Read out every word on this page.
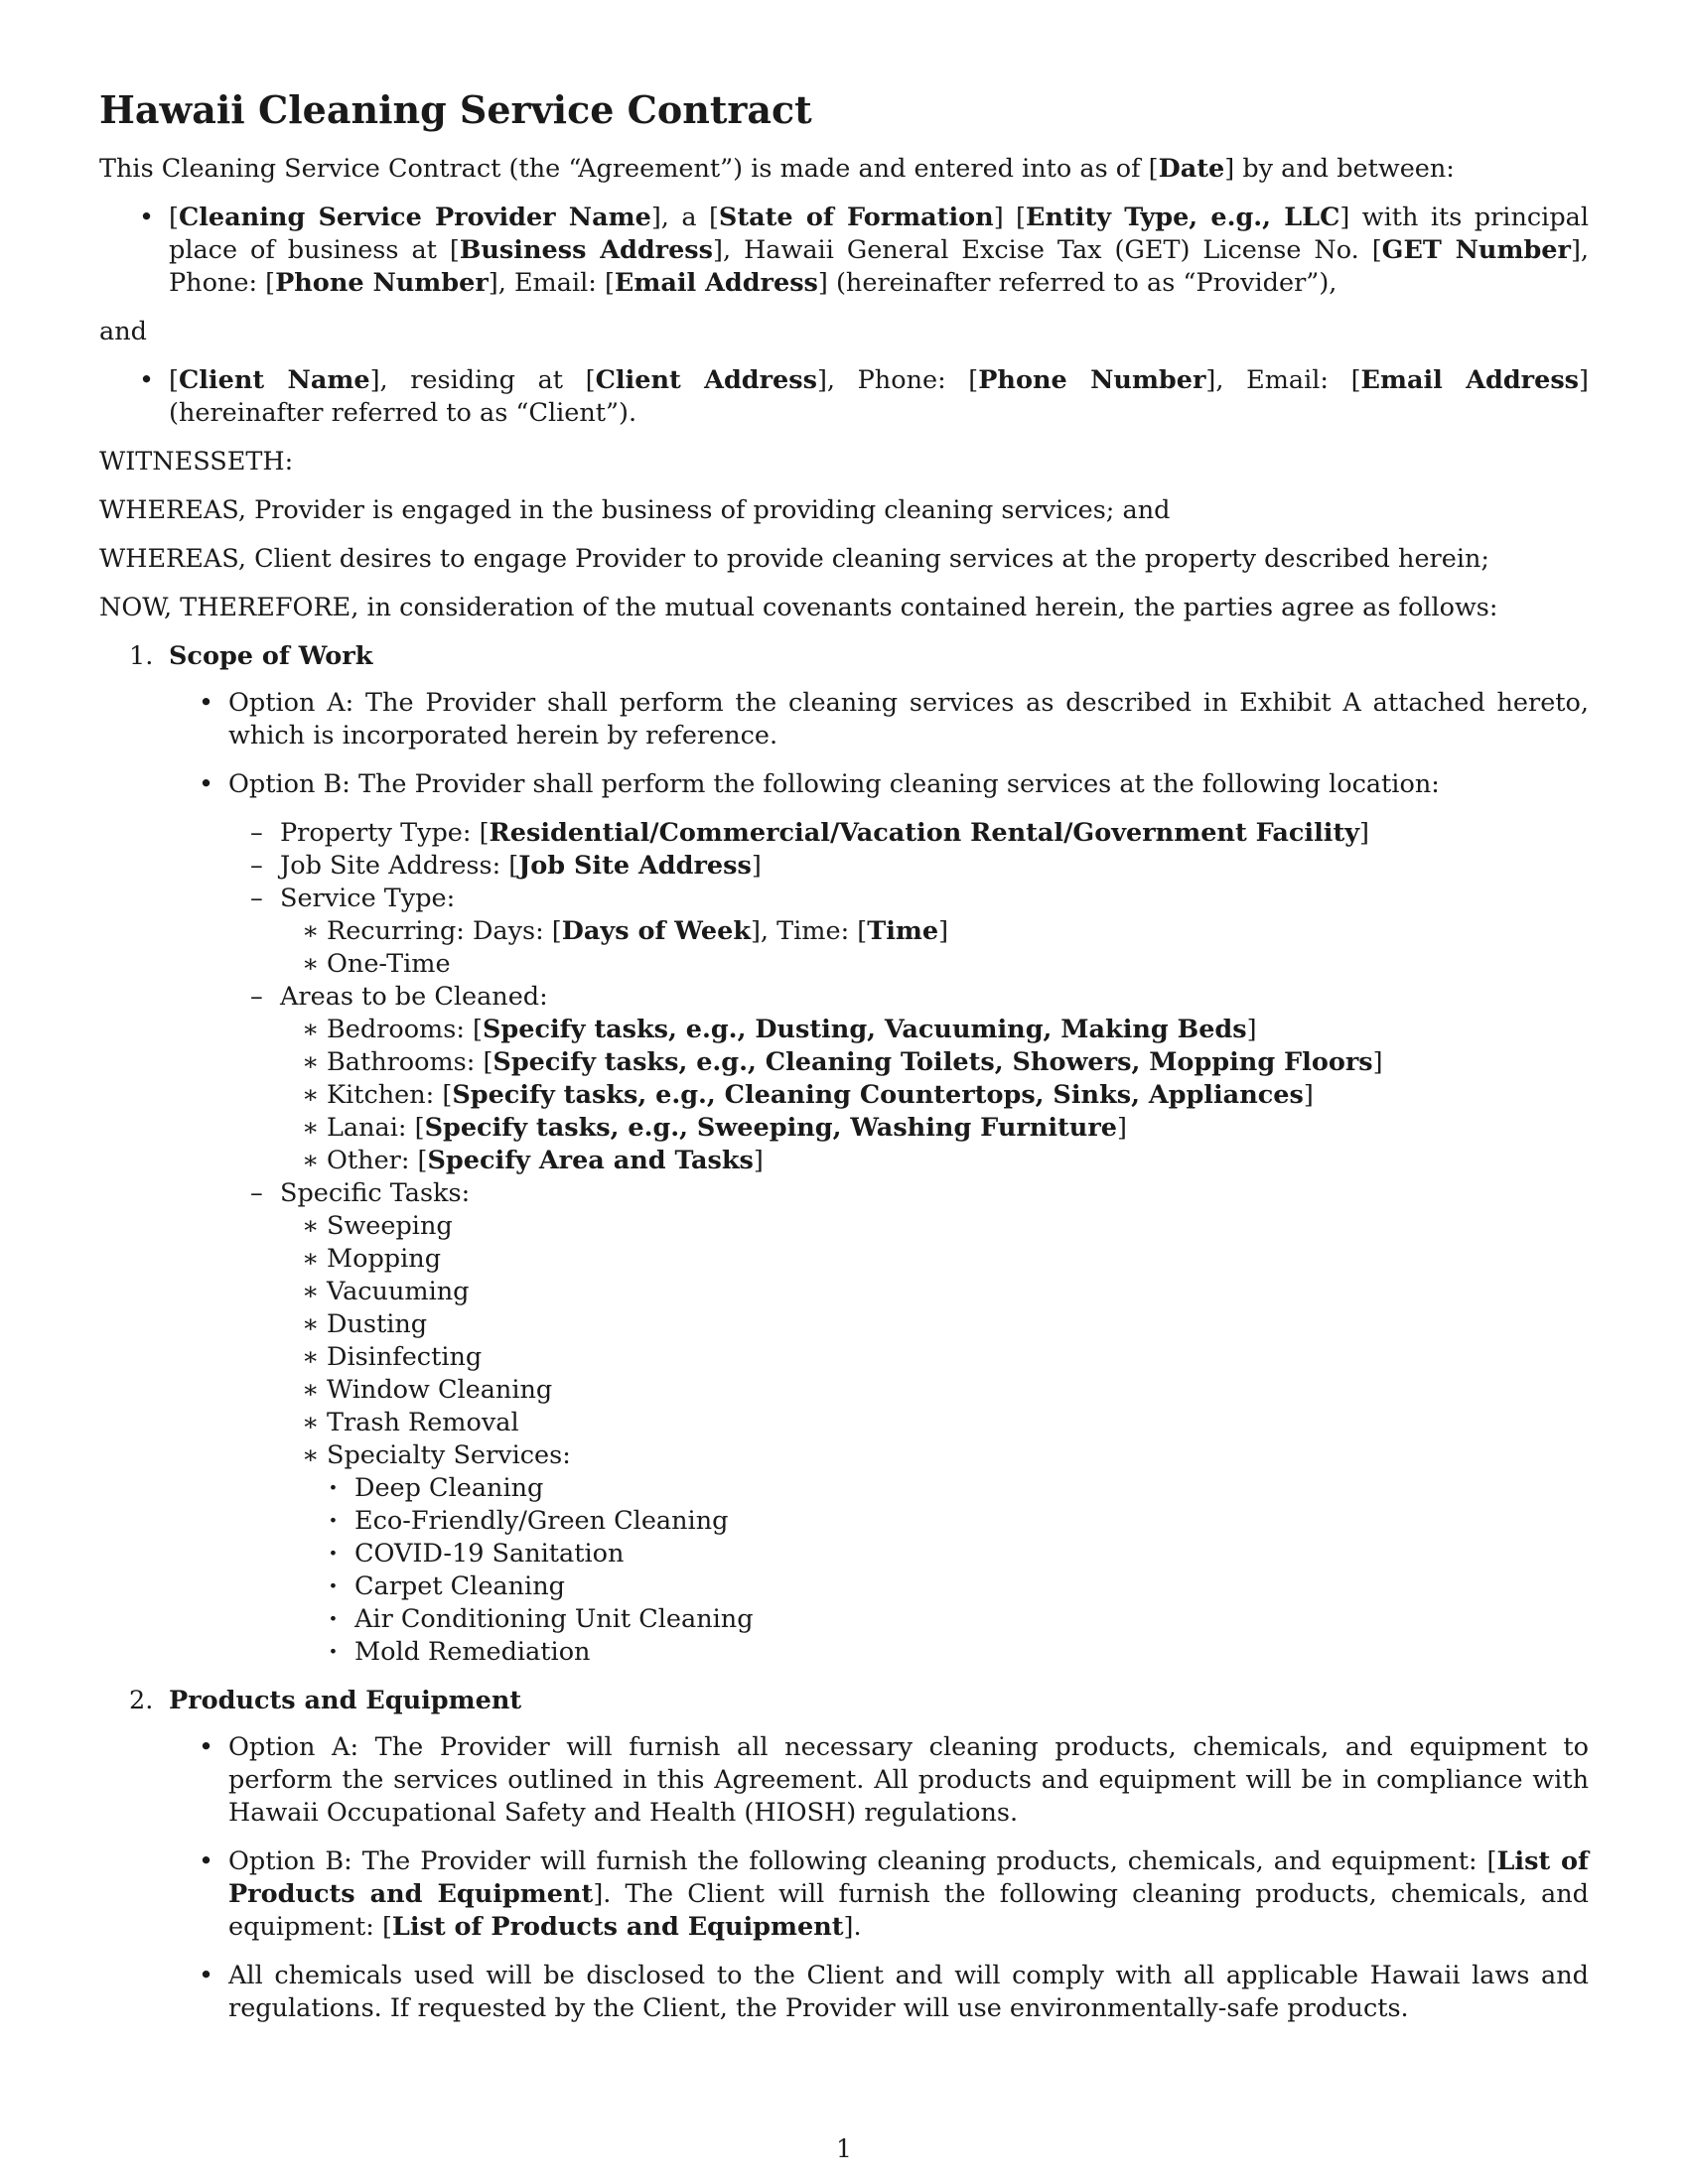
Hawaii Cleaning Service Contract

This Cleaning Service Contract (the “Agreement”) is made and entered into as of [Date] by and between:

• [Cleaning Service Provider Name], a [State of Formation] [Entity Type, e.g., LLC] with its principal place of business at [Business Address], Hawaii General Excise Tax (GET) License No. [GET Number], Phone: [Phone Number], Email: [Email Address] (hereinafter referred to as “Provider”),

and

• [Client Name], residing at [Client Address], Phone: [Phone Number], Email: [Email Address] (hereinafter referred to as “Client”).

WITNESSETH:

WHEREAS, Provider is engaged in the business of providing cleaning services; and

WHEREAS, Client desires to engage Provider to provide cleaning services at the property described herein;

NOW, THEREFORE, in consideration of the mutual covenants contained herein, the parties agree as follows:

1. Scope of Work
• Option A: The Provider shall perform the cleaning services as described in Exhibit A attached hereto, which is incorporated herein by reference.
• Option B: The Provider shall perform the following cleaning services at the following location:
– Property Type: [Residential/Commercial/Vacation Rental/Government Facility]
– Job Site Address: [Job Site Address]
– Service Type:
∗ Recurring: Days: [Days of Week], Time: [Time]
∗ One-Time
– Areas to be Cleaned:
∗ Bedrooms: [Specify tasks, e.g., Dusting, Vacuuming, Making Beds]
∗ Bathrooms: [Specify tasks, e.g., Cleaning Toilets, Showers, Mopping Floors]
∗ Kitchen: [Specify tasks, e.g., Cleaning Countertops, Sinks, Appliances]
∗ Lanai: [Specify tasks, e.g., Sweeping, Washing Furniture]
∗ Other: [Specify Area and Tasks]
– Specific Tasks:
∗ Sweeping
∗ Mopping
∗ Vacuuming
∗ Dusting
∗ Disinfecting
∗ Window Cleaning
∗ Trash Removal
∗ Specialty Services:
· Deep Cleaning
· Eco-Friendly/Green Cleaning
· COVID-19 Sanitation
· Carpet Cleaning
· Air Conditioning Unit Cleaning
· Mold Remediation
2. Products and Equipment
• Option A: The Provider will furnish all necessary cleaning products, chemicals, and equipment to perform the services outlined in this Agreement. All products and equipment will be in compliance with Hawaii Occupational Safety and Health (HIOSH) regulations.
• Option B: The Provider will furnish the following cleaning products, chemicals, and equipment: [List of Products and Equipment]. The Client will furnish the following cleaning products, chemicals, and equipment: [List of Products and Equipment].
• All chemicals used will be disclosed to the Client and will comply with all applicable Hawaii laws and regulations. If requested by the Client, the Provider will use environmentally-safe products.
1
